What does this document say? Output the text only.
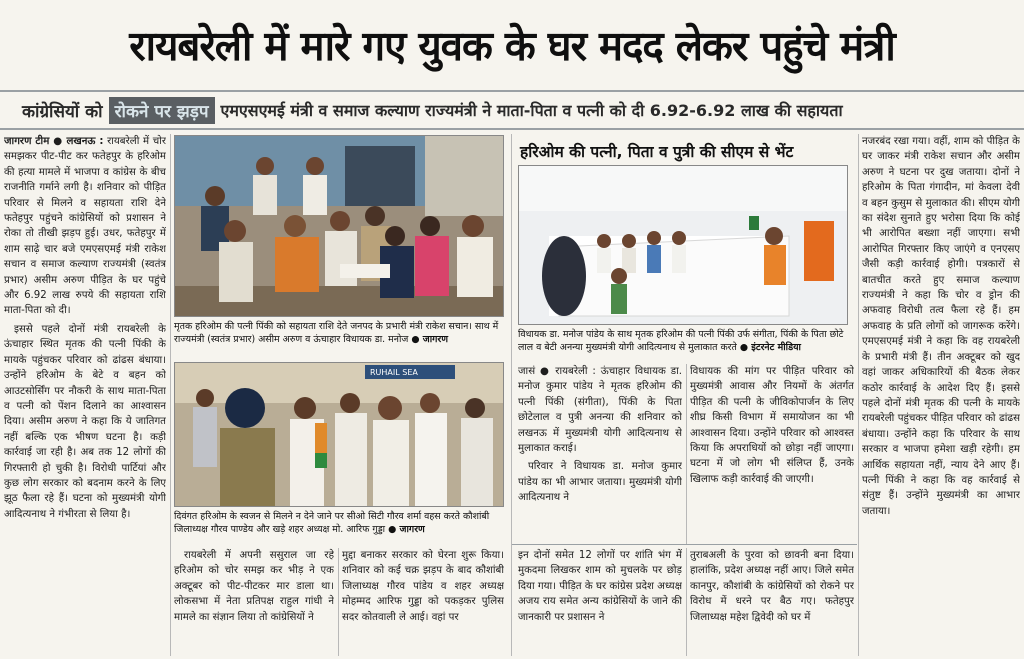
रायबरेली में मारे गए युवक के घर मदद लेकर पहुंचे मंत्री
कांग्रेसियों को रोकने पर झड़प एमएसएमई मंत्री व समाज कल्याण राज्यमंत्री ने माता-पिता व पत्नी को दी 6.92-6.92 लाख की सहायता

जागरण टीम ● लखनऊ : रायबरेली में चोर समझकर पीट-पीट कर फतेहपुर के हरिओम की हत्या मामले में भाजपा व कांग्रेस के बीच राजनीति गर्माने लगी है। शनिवार को पीड़ित परिवार से मिलने व सहायता राशि देने फतेहपुर पहुंचने कांग्रेसियों को प्रशासन ने रोका तो तीखी झड़प हुई। उधर, फतेहपुर में शाम साढ़े चार बजे एमएसएमई मंत्री राकेश सचान व समाज कल्याण राज्यमंत्री (स्वतंत्र प्रभार) असीम अरुण पीड़ित के घर पहुंचे और 6.92 लाख रुपये की सहायता राशि माता-पिता को दी।

इससे पहले दोनों मंत्री रायबरेली के ऊंचाहार स्थित मृतक की पत्नी पिंकी के मायके पहुंचकर परिवार को ढांढस बंधाया। उन्होंने हरिओम के बेटे व बहन को आउटसोर्सिंग पर नौकरी के साथ माता-पिता व पत्नी को पेंशन दिलाने का आश्वासन दिया। असीम अरुण ने कहा कि ये जातिगत नहीं बल्कि एक भीषण घटना है। कड़ी कार्रवाई जा रही है। अब तक 12 लोगों की गिरफ्तारी हो चुकी है। विरोधी पार्टियां और कुछ लोग सरकार को बदनाम करने के लिए झूठ फैला रहे हैं। घटना को मुख्यमंत्री योगी आदित्यनाथ ने गंभीरता से लिया है।

मृतक हरिओम की पत्नी पिंकी को सहायता राशि देते जनपद के प्रभारी मंत्री राकेश सचान। साथ में राज्यमंत्री (स्वतंत्र प्रभार) असीम अरुण व ऊंचाहार विधायक डा. मनोज ● जागरण
RUHAIL SEA
दिवंगत हरिओम के स्वजन से मिलने न देने जाने पर सीओ सिटी गौरव शर्मा वहस करते कौशांबी जिलाध्यक्ष गौरव पाण्डेय और खड़े शहर अध्यक्ष मो. आरिफ गुड्डा ● जागरण

रायबरेली में अपनी ससुराल जा रहे हरिओम को चोर समझ कर भीड़ ने एक अक्टूबर को पीट-पीटकर मार डाला था। लोकसभा में नेता प्रतिपक्ष राहुल गांधी ने मामले का संज्ञान लिया तो कांग्रेसियों ने

मुद्दा बनाकर सरकार को घेरना शुरू किया। शनिवार को कई चक्र झड़प के बाद कौशांबी जिलाध्यक्ष गौरव पांडेय व शहर अध्यक्ष मोहम्मद आरिफ गुड्डा को पकड़कर पुलिस सदर कोतवाली ले आई। वहां पर

हरिओम की पत्नी, पिता व पुत्री की सीएम से भेंट
विधायक डा. मनोज पांडेय के साथ मृतक हरिओम की पत्नी पिंकी उर्फ संगीता, पिंकी के पिता छोटे लाल व बेटी अनन्या मुख्यमंत्री योगी आदित्यनाथ से मुलाकात करते ● इंटरनेट मीडिया

जासं ● रायबरेली : ऊंचाहार विधायक डा. मनोज कुमार पांडेय ने मृतक हरिओम की पत्नी पिंकी (संगीता), पिंकी के पिता छोटेलाल व पुत्री अनन्या की शनिवार को लखनऊ में मुख्यमंत्री योगी आदित्यनाथ से मुलाकात कराई।

परिवार ने विधायक डा. मनोज कुमार पांडेय का भी आभार जताया। मुख्यमंत्री योगी आदित्यनाथ ने

विधायक की मांग पर पीड़ित परिवार को मुख्यमंत्री आवास और नियमों के अंतर्गत पीड़ित की पत्नी के जीविकोपार्जन के लिए शीघ्र किसी विभाग में समायोजन का भी आश्वासन दिया। उन्होंने परिवार को आश्वस्त किया कि अपराधियों को छोड़ा नहीं जाएगा। घटना में जो लोग भी संलिप्त हैं, उनके खिलाफ कड़ी कार्रवाई की जाएगी।

इन दोनों समेत 12 लोगों पर शांति भंग में मुकदमा लिखकर शाम को मुचलके पर छोड़ दिया गया। पीड़ित के घर कांग्रेस प्रदेश अध्यक्ष अजय राय समेत अन्य कांग्रेसियों के जाने की जानकारी पर प्रशासन ने

तुराबअली के पुरवा को छावनी बना दिया। हालांकि, प्रदेश अध्यक्ष नहीं आए। जिले समेत कानपुर, कौशांबी के कांग्रेसियों को रोकने पर विरोध में धरने पर बैठ गए। फतेहपुर जिलाध्यक्ष महेश द्विवेदी को घर में

नजरबंद रखा गया। वहीं, शाम को पीड़ित के घर जाकर मंत्री राकेश सचान और असीम अरुण ने घटना पर दुख जताया। दोनों ने हरिओम के पिता गंगादीन, मां केवला देवी व बहन कुसुम से मुलाकात की। सीएम योगी का संदेश सुनाते हुए भरोसा दिया कि कोई भी आरोपित बख्शा नहीं जाएगा। सभी आरोपित गिरफ्तार किए जाएंगे व एनएसए जैसी कड़ी कार्रवाई होगी। पत्रकारों से बातचीत करते हुए समाज कल्याण राज्यमंत्री ने कहा कि चोर व ड्रोन की अफवाह विरोधी तत्व फैला रहे हैं। हम अफवाह के प्रति लोगों को जागरूक करेंगे। एमएसएमई मंत्री ने कहा कि वह रायबरेली के प्रभारी मंत्री हैं। तीन अक्टूबर को खुद वहां जाकर अधिकारियों की बैठक लेकर कठोर कार्रवाई के आदेश दिए हैं। इससे पहले दोनों मंत्री मृतक की पत्नी के मायके रायबरेली पहुंचकर पीड़ित परिवार को ढांढस बंधाया। उन्होंने कहा कि परिवार के साथ सरकार व भाजपा हमेशा खड़ी रहेगी। हम आर्थिक सहायता नहीं, न्याय देने आए हैं। पत्नी पिंकी ने कहा कि वह कार्रवाई से संतुष्ट हैं। उन्होंने मुख्यमंत्री का आभार जताया।
